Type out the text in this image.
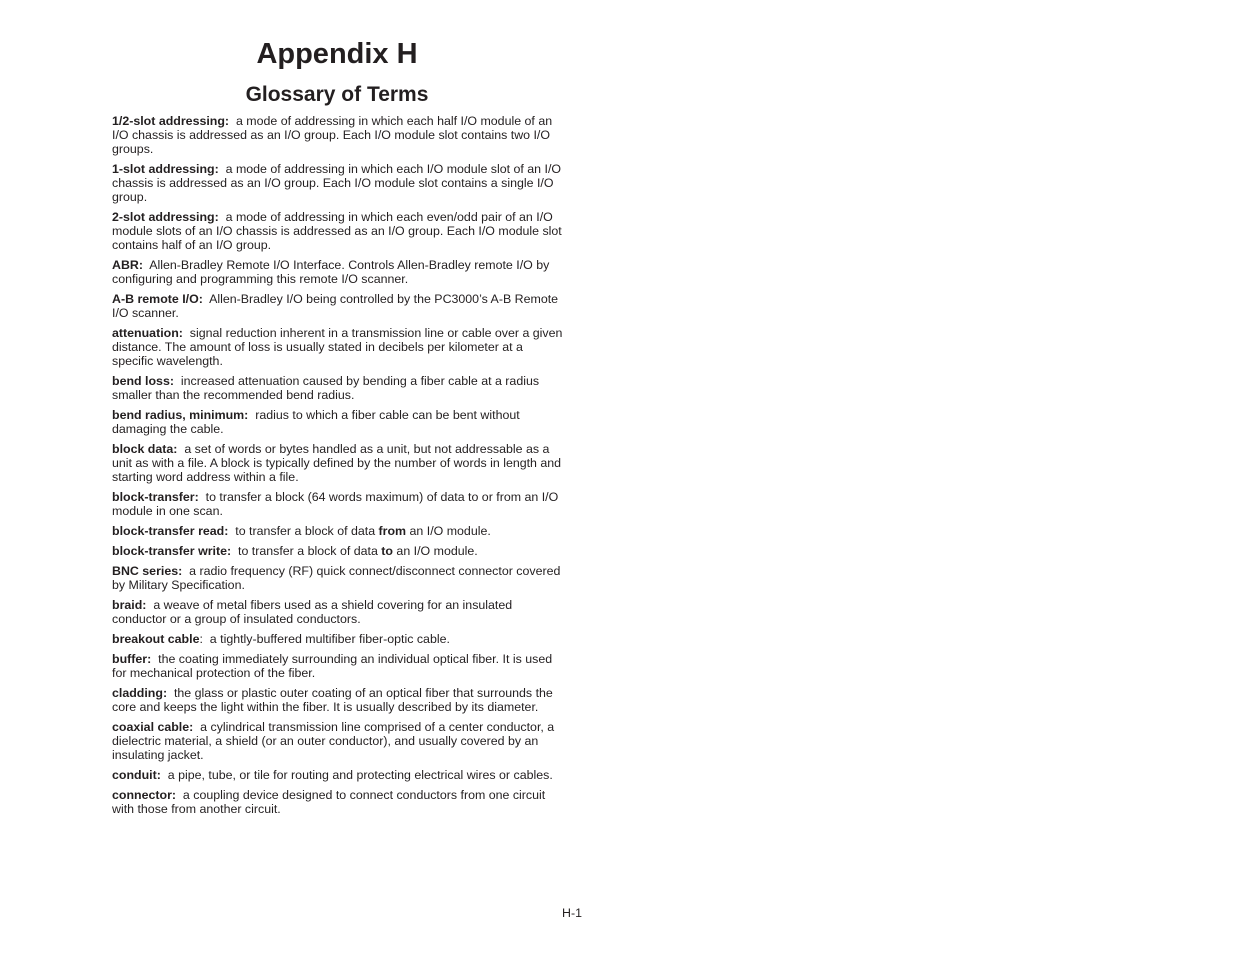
Appendix H
Glossary of Terms

1/2-slot addressing: a mode of addressing in which each half I/O module of an I/O chassis is addressed as an I/O group. Each I/O module slot contains two I/O groups.

1-slot addressing: a mode of addressing in which each I/O module slot of an I/O chassis is addressed as an I/O group. Each I/O module slot contains a single I/O group.

2-slot addressing: a mode of addressing in which each even/odd pair of an I/O module slots of an I/O chassis is addressed as an I/O group. Each I/O module slot contains half of an I/O group.

ABR: Allen-Bradley Remote I/O Interface. Controls Allen-Bradley remote I/O by configuring and programming this remote I/O scanner.

A-B remote I/O: Allen-Bradley I/O being controlled by the PC3000’s A-B Remote I/O scanner.

attenuation: signal reduction inherent in a transmission line or cable over a given distance. The amount of loss is usually stated in decibels per kilometer at a specific wavelength.

bend loss: increased attenuation caused by bending a fiber cable at a radius smaller than the recommended bend radius.

bend radius, minimum: radius to which a fiber cable can be bent without damaging the cable.

block data: a set of words or bytes handled as a unit, but not addressable as a unit as with a file. A block is typically defined by the number of words in length and starting word address within a file.

block-transfer: to transfer a block (64 words maximum) of data to or from an I/O module in one scan.

block-transfer read: to transfer a block of data from an I/O module.

block-transfer write: to transfer a block of data to an I/O module.

BNC series: a radio frequency (RF) quick connect/disconnect connector covered by Military Specification.

braid: a weave of metal fibers used as a shield covering for an insulated conductor or a group of insulated conductors.

breakout cable:  a tightly-buffered multifiber fiber-optic cable.

buffer: the coating immediately surrounding an individual optical fiber. It is used for mechanical protection of the fiber.

cladding: the glass or plastic outer coating of an optical fiber that surrounds the core and keeps the light within the fiber. It is usually described by its diameter.

coaxial cable: a cylindrical transmission line comprised of a center conductor, a dielectric material, a shield (or an outer conductor), and usually covered by an insulating jacket.

conduit: a pipe, tube, or tile for routing and protecting electrical wires or cables.

connector: a coupling device designed to connect conductors from one circuit with those from another circuit.

H-1
